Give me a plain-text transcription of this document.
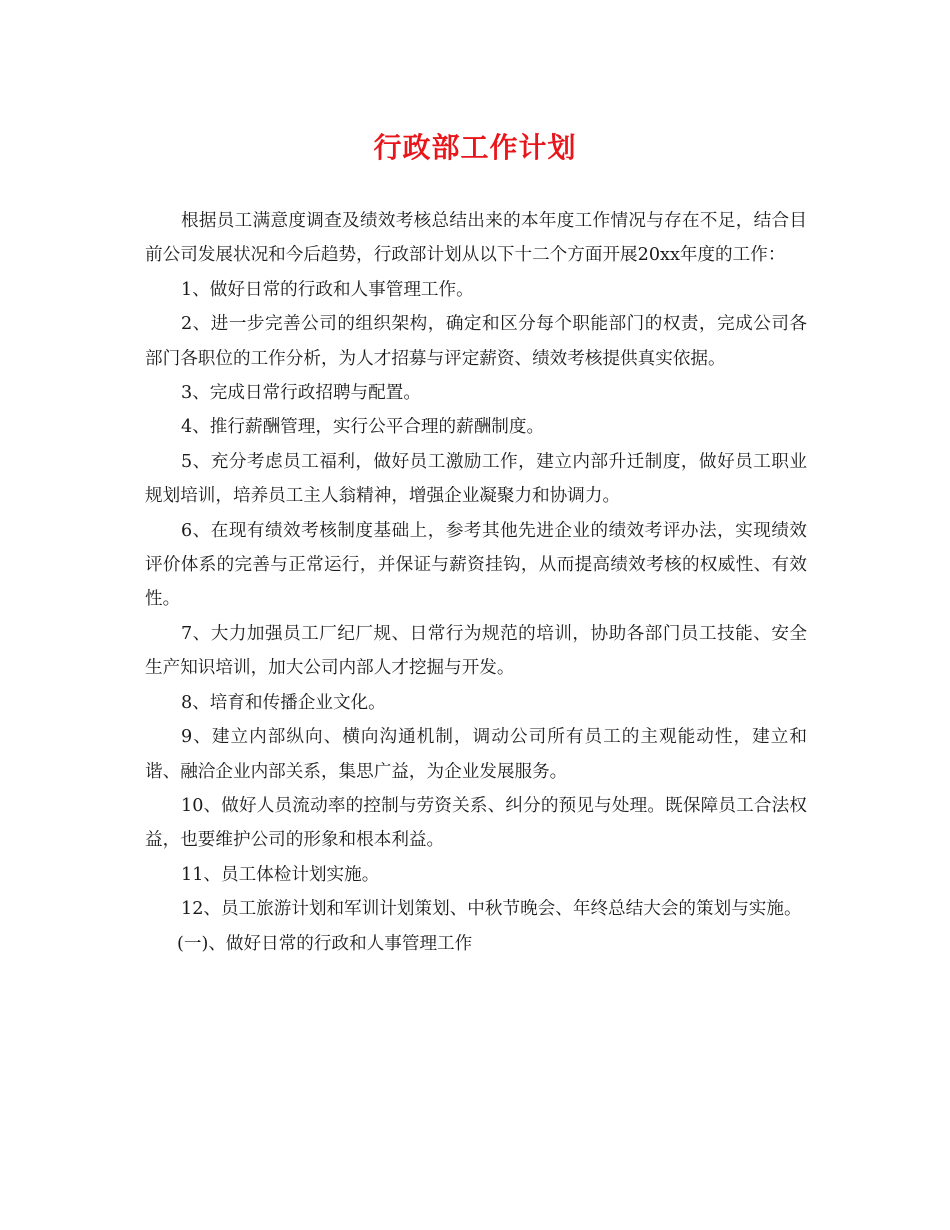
行政部工作计划

根据员工满意度调查及绩效考核总结出来的本年度工作情况与存在不足，结合目前公司发展状况和今后趋势，行政部计划从以下十二个方面开展20xx年度的工作：

1、做好日常的行政和人事管理工作。

2、进一步完善公司的组织架构，确定和区分每个职能部门的权责，完成公司各部门各职位的工作分析，为人才招募与评定薪资、绩效考核提供真实依据。

3、完成日常行政招聘与配置。

4、推行薪酬管理，实行公平合理的薪酬制度。

5、充分考虑员工福利，做好员工激励工作，建立内部升迁制度，做好员工职业规划培训，培养员工主人翁精神，增强企业凝聚力和协调力。

6、在现有绩效考核制度基础上，参考其他先进企业的绩效考评办法，实现绩效评价体系的完善与正常运行，并保证与薪资挂钩，从而提高绩效考核的权威性、有效性。

7、大力加强员工厂纪厂规、日常行为规范的培训，协助各部门员工技能、安全生产知识培训，加大公司内部人才挖掘与开发。

8、培育和传播企业文化。

9、建立内部纵向、横向沟通机制，调动公司所有员工的主观能动性，建立和谐、融洽企业内部关系，集思广益，为企业发展服务。

10、做好人员流动率的控制与劳资关系、纠分的预见与处理。既保障员工合法权益，也要维护公司的形象和根本利益。

11、员工体检计划实施。

12、员工旅游计划和军训计划策划、中秋节晚会、年终总结大会的策划与实施。

(一)、做好日常的行政和人事管理工作
